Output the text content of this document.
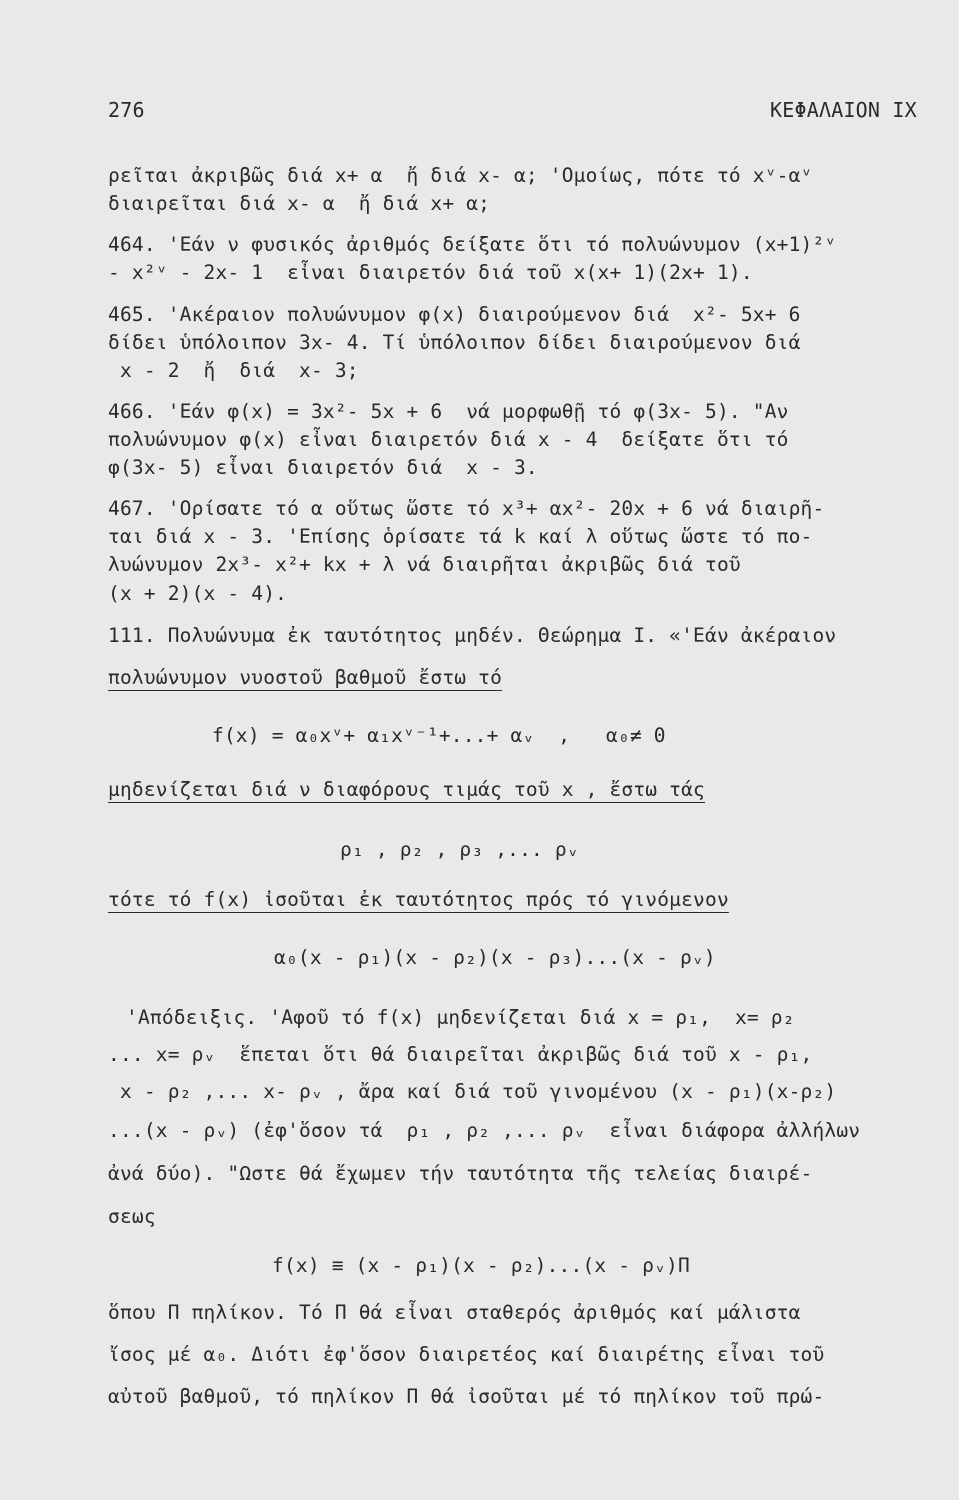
276	ΚΕΦΑΛΑΙΟΝ IX
ρεῖται ἀκριβῶς διά x+ α  ἤ διά x- α; 'Ομοίως, πότε τό xᵛ-αᵛ
διαιρεῖται διά x- α  ἤ διά x+ α;
464. 'Εάν ν φυσικός ἀριθμός δείξατε ὅτι τό πολυώνυμον (x+1)²ᵛ
- x²ᵛ - 2x- 1  εἶναι διαιρετόν διά τοῦ x(x+ 1)(2x+ 1).
465. 'Ακέραιον πολυώνυμον φ(x) διαιρούμενον διά  x²- 5x+ 6
δίδει ὑπόλοιπον 3x- 4. Τί ὑπόλοιπον δίδει διαιρούμενον διά
x - 2  ἤ  διά  x- 3;
466. 'Εάν φ(x) = 3x²- 5x + 6  νά μορφωθῇ τό φ(3x- 5). "Αν
πολυώνυμον φ(x) εἶναι διαιρετόν διά x - 4  δείξατε ὅτι τό
φ(3x- 5) εἶναι διαιρετόν διά  x - 3.
467. 'Ορίσατε τό α οὕτως ὥστε τό x³+ αx²- 20x + 6 νά διαιρῆ-
ται διά x - 3. 'Επίσης ὁρίσατε τά k καί λ οὕτως ὥστε τό πο-
λυώνυμον 2x³- x²+ kx + λ νά διαιρῆται ἀκριβῶς διά τοῦ
(x + 2)(x - 4).
111. Πολυώνυμα ἐκ ταυτότητος μηδέν. Θεώρημα I. «'Εάν ἀκέραιον
πολυώνυμον νυοστοῦ βαθμοῦ ἔστω τό
f(x) = α₀xᵛ+ α₁xᵛ⁻¹+...+ αᵥ  ,   α₀≠ 0
μηδενίζεται διά ν διαφόρους τιμάς τοῦ x , ἔστω τάς
ρ₁ , ρ₂ , ρ₃ ,... ρᵥ
τότε τό f(x) ἰσοῦται ἐκ ταυτότητος πρός τό γινόμενον
α₀(x - ρ₁)(x - ρ₂)(x - ρ₃)...(x - ρᵥ)
'Απόδειξις. 'Αφοῦ τό f(x) μηδενίζεται διά x = ρ₁,  x= ρ₂
... x= ρᵥ  ἕπεται ὅτι θά διαιρεῖται ἀκριβῶς διά τοῦ x - ρ₁,
x - ρ₂ ,... x- ρᵥ , ἄρα καί διά τοῦ γινομένου (x - ρ₁)(x-ρ₂)
...(x - ρᵥ) (ἐφ'ὅσον τά  ρ₁ , ρ₂ ,... ρᵥ  εἶναι διάφορα ἀλλήλων
ἀνά δύο). "Ωστε θά ἔχωμεν τήν ταυτότητα τῆς τελείας διαιρέ-
σεως
f(x) ≡ (x - ρ₁)(x - ρ₂)...(x - ρᵥ)Π
ὅπου Π πηλίκον. Τό Π θά εἶναι σταθερός ἀριθμός καί μάλιστα
ἴσος μέ α₀. Διότι ἐφ'ὅσον διαιρετέος καί διαιρέτης εἶναι τοῦ
αὐτοῦ βαθμοῦ, τό πηλίκον Π θά ἰσοῦται μέ τό πηλίκον τοῦ πρώ-
